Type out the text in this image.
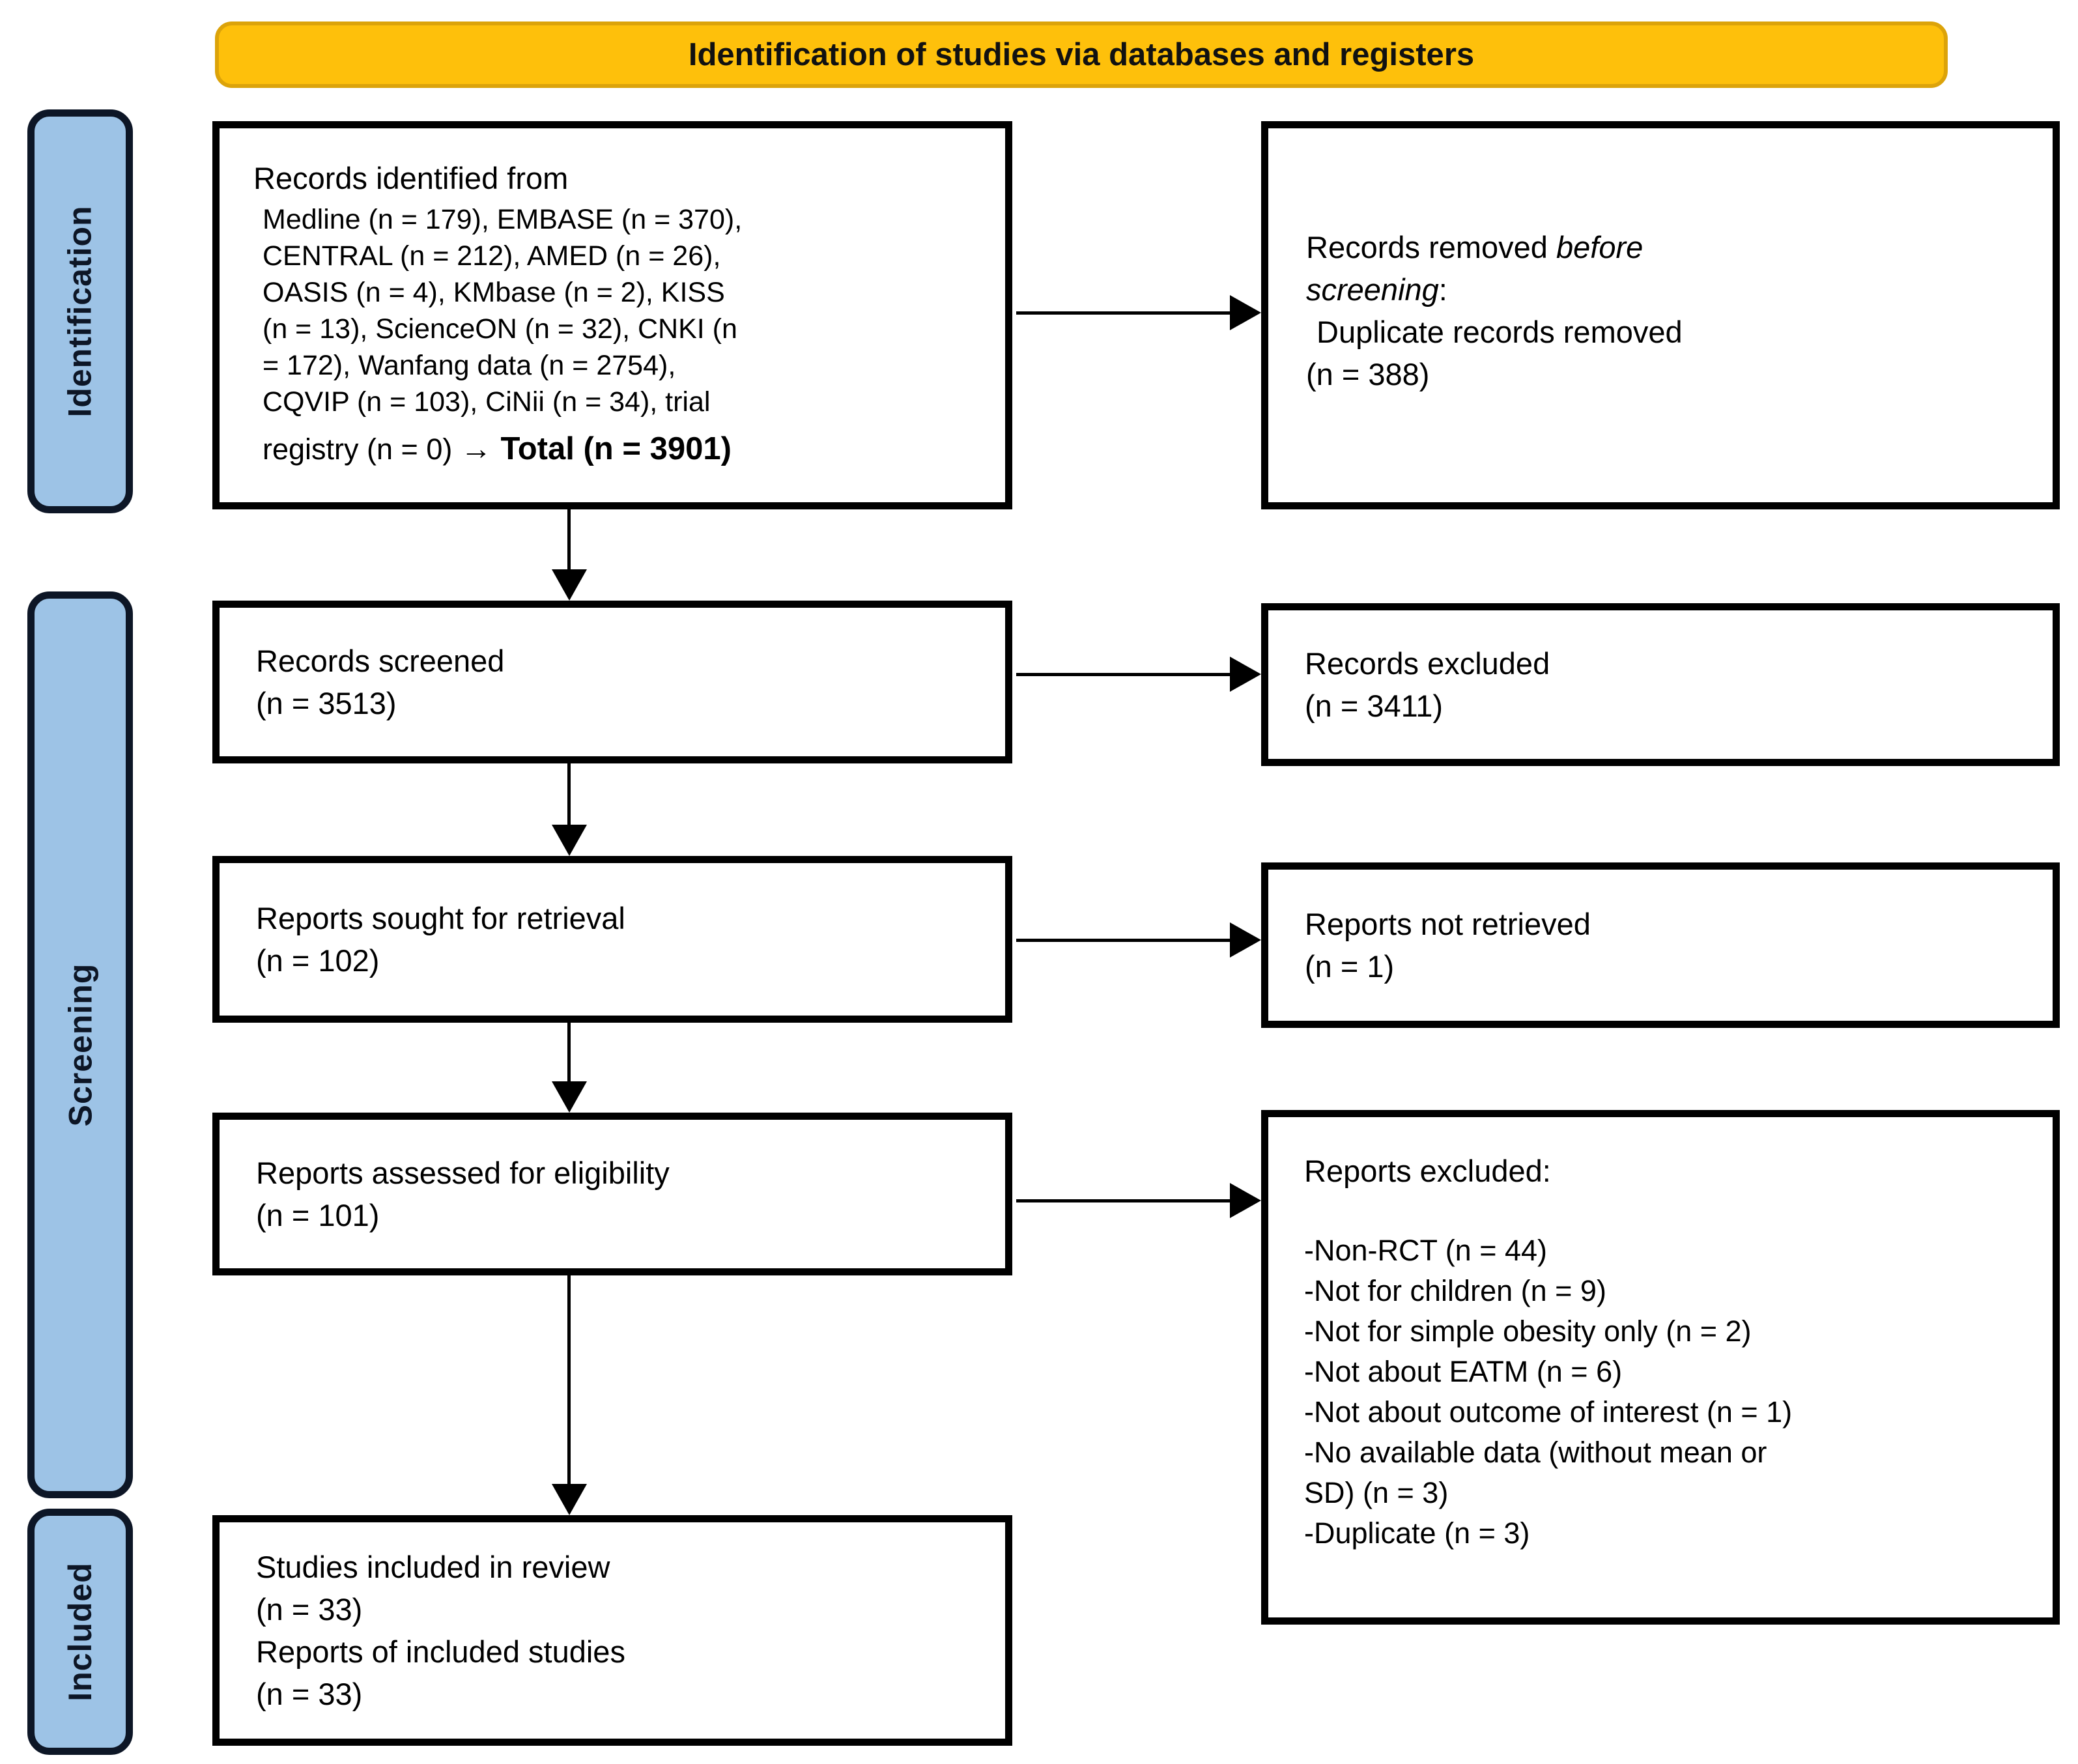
Identification of studies via databases and registers
Identification
Screening
Included
Records identified from
Medline (n = 179), EMBASE (n = 370),
CENTRAL (n = 212), AMED (n = 26),
OASIS (n = 4), KMbase (n = 2), KISS
(n = 13), ScienceON (n = 32), CNKI (n
= 172), Wanfang data (n = 2754),
CQVIP (n = 103), CiNii (n = 34), trial
registry (n = 0) → Total (n = 3901)
Records removed before
screening:
Duplicate records removed
(n = 388)
Records screened
(n = 3513)
Records excluded
(n = 3411)
Reports sought for retrieval
(n = 102)
Reports not retrieved
(n = 1)
Reports assessed for eligibility
(n = 101)
Reports excluded:
-Non-RCT (n = 44)
-Not for children (n = 9)
-Not for simple obesity only (n = 2)
-Not about EATM (n = 6)
-Not about outcome of interest (n = 1)
-No available data (without mean or
SD) (n = 3)
-Duplicate (n = 3)
Studies included in review
(n = 33)
Reports of included studies
(n = 33)
